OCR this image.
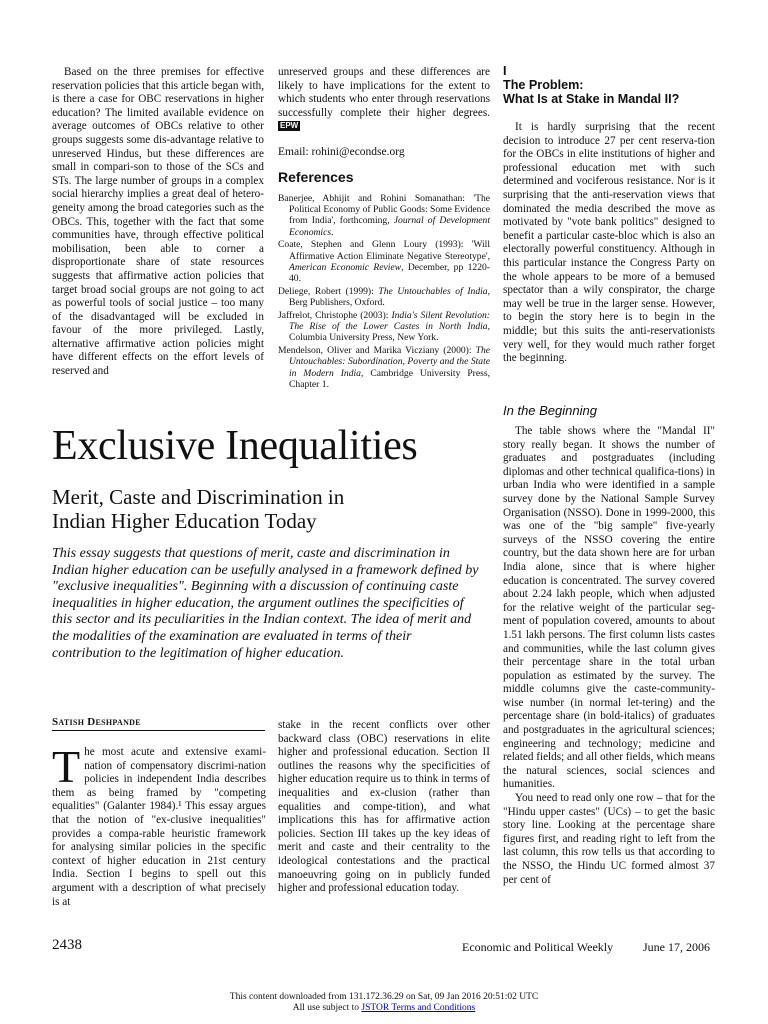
Based on the three premises for effective reservation policies that this article began with, is there a case for OBC reservations in higher education? The limited available evidence on average outcomes of OBCs relative to other groups suggests some dis-advantage relative to unreserved Hindus, but these differences are small in compari-son to those of the SCs and STs. The large number of groups in a complex social hierarchy implies a great deal of hetero-geneity among the broad categories such as the OBCs. This, together with the fact that some communities have, through effective political mobilisation, been able to corner a disproportionate share of state resources suggests that affirmative action policies that target broad social groups are not going to act as powerful tools of social justice – too many of the disadvantaged will be excluded in favour of the more privileged. Lastly, alternative affirmative action policies might have different effects on the effort levels of reserved and

unreserved groups and these differences are likely to have implications for the extent to which students who enter through reservations successfully complete their higher degrees. EPW

Email: rohini@econdse.org

References

Banerjee, Abhijit and Rohini Somanathan: 'The Political Economy of Public Goods: Some Evidence from India', forthcoming, Journal of Development Economics.

Coate, Stephen and Glenn Loury (1993): 'Will Affirmative Action Eliminate Negative Stereotype', American Economic Review, December, pp 1220-40.

Deliege, Robert (1999): The Untouchables of India, Berg Publishers, Oxford.

Jaffrelot, Christophe (2003): India's Silent Revolution: The Rise of the Lower Castes in North India, Columbia University Press, New York.

Mendelson, Oliver and Marika Vicziany (2000): The Untouchables: Subordination, Poverty and the State in Modern India, Cambridge University Press, Chapter 1.

I
The Problem:
What Is at Stake in Mandal II?

It is hardly surprising that the recent decision to introduce 27 per cent reserva-tion for the OBCs in elite institutions of higher and professional education met with such determined and vociferous resistance. Nor is it surprising that the anti-reservation views that dominated the media described the move as motivated by "vote bank politics" designed to benefit a particular caste-bloc which is also an electorally powerful constituency. Although in this particular instance the Congress Party on the whole appears to be more of a bemused spectator than a wily conspirator, the charge may well be true in the larger sense. However, to begin the story here is to begin in the middle; but this suits the anti-reservationists very well, for they would much rather forget the beginning.

In the Beginning

The table shows where the "Mandal II" story really began. It shows the number of graduates and postgraduates (including diplomas and other technical qualifica-tions) in urban India who were identified in a sample survey done by the National Sample Survey Organisation (NSSO). Done in 1999-2000, this was one of the "big sample" five-yearly surveys of the NSSO covering the entire country, but the data shown here are for urban India alone, since that is where higher education is concentrated. The survey covered about 2.24 lakh people, which when adjusted for the relative weight of the particular seg-ment of population covered, amounts to about 1.51 lakh persons. The first column lists castes and communities, while the last column gives their percentage share in the total urban population as estimated by the survey. The middle columns give the caste-community-wise number (in normal let-tering) and the percentage share (in bold-italics) of graduates and postgraduates in the agricultural sciences; engineering and technology; medicine and related fields; and all other fields, which means the natural sciences, social sciences and humanities.

You need to read only one row – that for the "Hindu upper castes" (UCs) – to get the basic story line. Looking at the percentage share figures first, and reading right to left from the last column, this row tells us that according to the NSSO, the Hindu UC formed almost 37 per cent of

Exclusive Inequalities

Merit, Caste and Discrimination in

Indian Higher Education Today

This essay suggests that questions of merit, caste and discrimination in Indian higher education can be usefully analysed in a framework defined by "exclusive inequalities". Beginning with a discussion of continuing caste inequalities in higher education, the argument outlines the specificities of this sector and its peculiarities in the Indian context. The idea of merit and the modalities of the examination are evaluated in terms of their contribution to the legitimation of higher education.

Satish Deshpande

T he most acute and extensive exami-nation of compensatory discrimi-nation policies in independent India describes them as being framed by "competing equalities" (Galanter 1984).¹ This essay argues that the notion of "ex-clusive inequalities" provides a compa-rable heuristic framework for analysing similar policies in the specific context of higher education in 21st century India. Section I begins to spell out this argument with a description of what precisely is at

stake in the recent conflicts over other backward class (OBC) reservations in elite higher and professional education. Section II outlines the reasons why the specificities of higher education require us to think in terms of inequalities and ex-clusion (rather than equalities and compe-tition), and what implications this has for affirmative action policies. Section III takes up the key ideas of merit and caste and their centrality to the ideological contestations and the practical manoeuvring going on in publicly funded higher and professional education today.

2438	Economic and Political Weekly June 17, 2006
This content downloaded from 131.172.36.29 on Sat, 09 Jan 2016 20:51:02 UTC
All use subject to JSTOR Terms and Conditions
